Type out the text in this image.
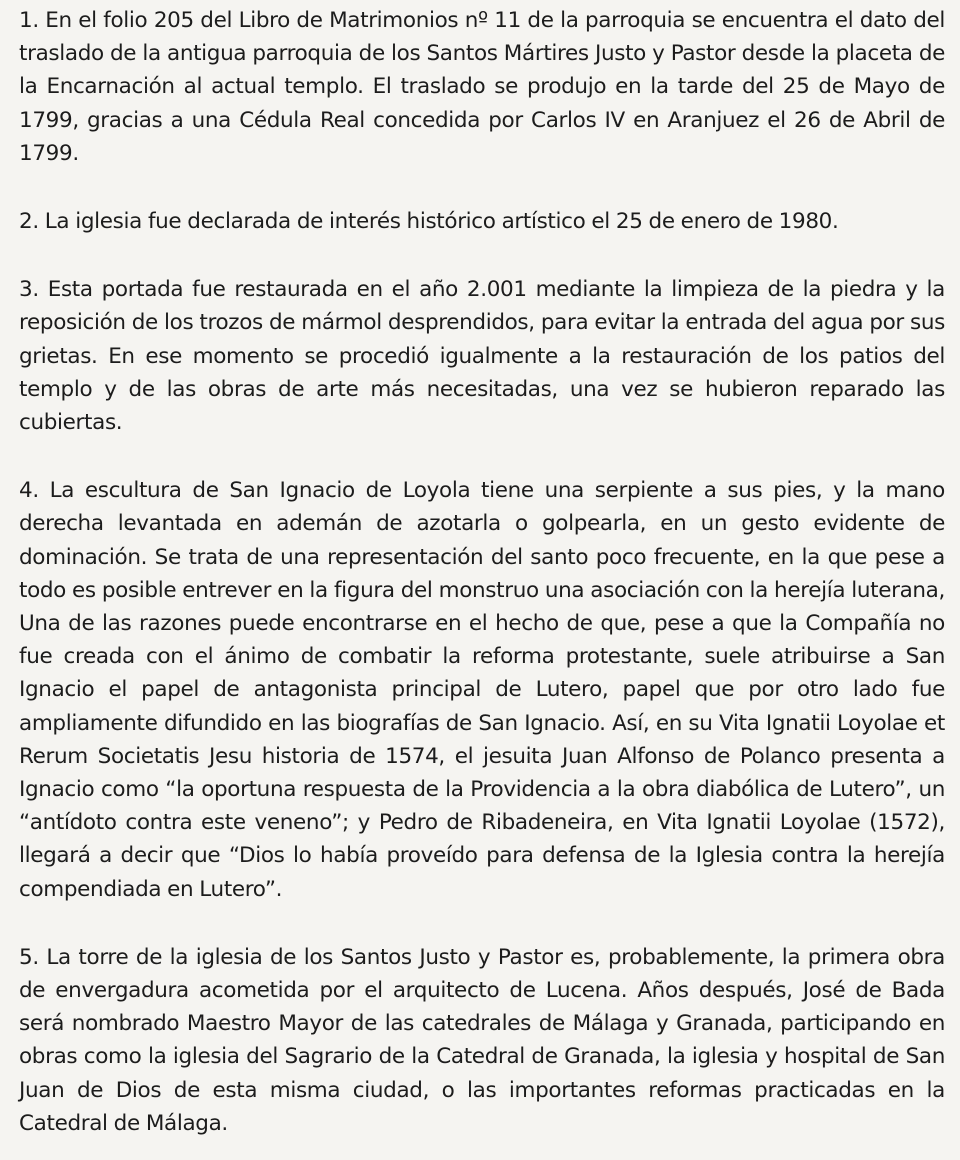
1. En el folio 205 del Libro de Matrimonios nº 11 de la parroquia se encuentra el dato del traslado de la antigua parroquia de los Santos Mártires Justo y Pastor desde la placeta de la Encarnación al actual templo. El traslado se produjo en la tarde del 25 de Mayo de 1799, gracias a una Cédula Real concedida por Carlos IV en Aranjuez el 26 de Abril de 1799.

2. La iglesia fue declarada de interés histórico artístico el 25 de enero de 1980.

3. Esta portada fue restaurada en el año 2.001 mediante la limpieza de la piedra y la reposición de los trozos de mármol desprendidos, para evitar la entrada del agua por sus grietas. En ese momento se procedió igualmente a la restauración de los patios del templo y de las obras de arte más necesitadas, una vez se hubieron reparado las cubiertas.

4. La escultura de San Ignacio de Loyola tiene una serpiente a sus pies, y la mano derecha levantada en ademán de azotarla o golpearla, en un gesto evidente de dominación. Se trata de una representación del santo poco frecuente, en la que pese a todo es posible entrever en la figura del monstruo una asociación con la herejía luterana, Una de las razones puede encontrarse en el hecho de que, pese a que la Compañía no fue creada con el ánimo de combatir la reforma protestante, suele atribuirse a San Ignacio el papel de antagonista principal de Lutero, papel que por otro lado fue ampliamente difundido en las biografías de San Ignacio. Así, en su Vita Ignatii Loyolae et Rerum Societatis Jesu historia de 1574, el jesuita Juan Alfonso de Polanco presenta a Ignacio como “la oportuna respuesta de la Providencia a la obra diabólica de Lutero”, un “antídoto contra este veneno”; y Pedro de Ribadeneira, en Vita Ignatii Loyolae (1572), llegará a decir que “Dios lo había proveído para defensa de la Iglesia contra la herejía compendiada en Lutero”.

5. La torre de la iglesia de los Santos Justo y Pastor es, probablemente, la primera obra de envergadura acometida por el arquitecto de Lucena. Años después, José de Bada será nombrado Maestro Mayor de las catedrales de Málaga y Granada, participando en obras como la iglesia del Sagrario de la Catedral de Granada, la iglesia y hospital de San Juan de Dios de esta misma ciudad, o las importantes reformas practicadas en la Catedral de Málaga.
